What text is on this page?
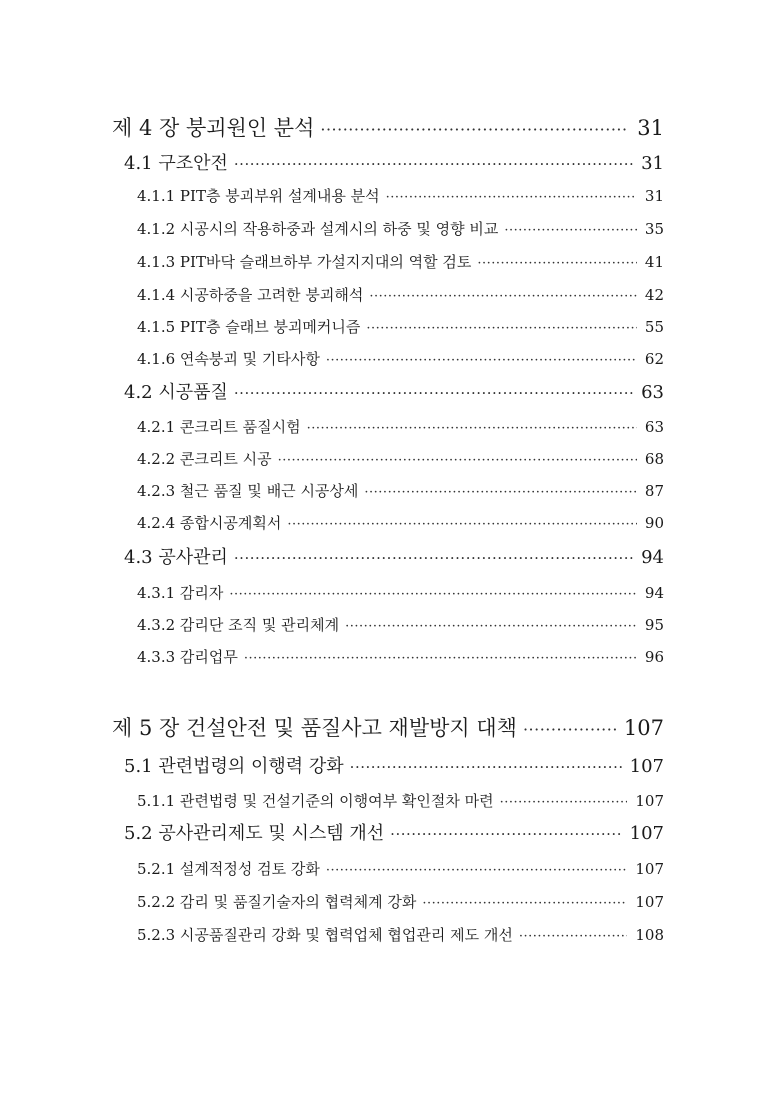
제 4 장 붕괴원인 분석 ·····	31
4.1 구조안전 ·····	31
4.1.1 PIT층 붕괴부위 설계내용 분석 ·····	31
4.1.2 시공시의 작용하중과 설계시의 하중 및 영향 비교 ·····	35
4.1.3 PIT바닥 슬래브하부 가설지지대의 역할 검토 ·····	41
4.1.4 시공하중을 고려한 붕괴해석 ·····	42
4.1.5 PIT층 슬래브 붕괴메커니즘 ·····	55
4.1.6 연속붕괴 및 기타사항 ·····	62
4.2 시공품질 ·····	63
4.2.1 콘크리트 품질시험 ·····	63
4.2.2 콘크리트 시공 ·····	68
4.2.3 철근 품질 및 배근 시공상세 ·····	87
4.2.4 종합시공계획서 ·····	90
4.3 공사관리 ·····	94
4.3.1 감리자 ·····	94
4.3.2 감리단 조직 및 관리체계 ·····	95
4.3.3 감리업무 ·····	96
제 5 장 건설안전 및 품질사고 재발방지 대책 ·····	107
5.1 관련법령의 이행력 강화 ·····	107
5.1.1 관련법령 및 건설기준의 이행여부 확인절차 마련 ·····	107
5.2 공사관리제도 및 시스템 개선 ·····	107
5.2.1 설계적정성 검토 강화 ·····	107
5.2.2 감리 및 품질기술자의 협력체계 강화 ·····	107
5.2.3 시공품질관리 강화 및 협력업체 협업관리 제도 개선 ·····	108
